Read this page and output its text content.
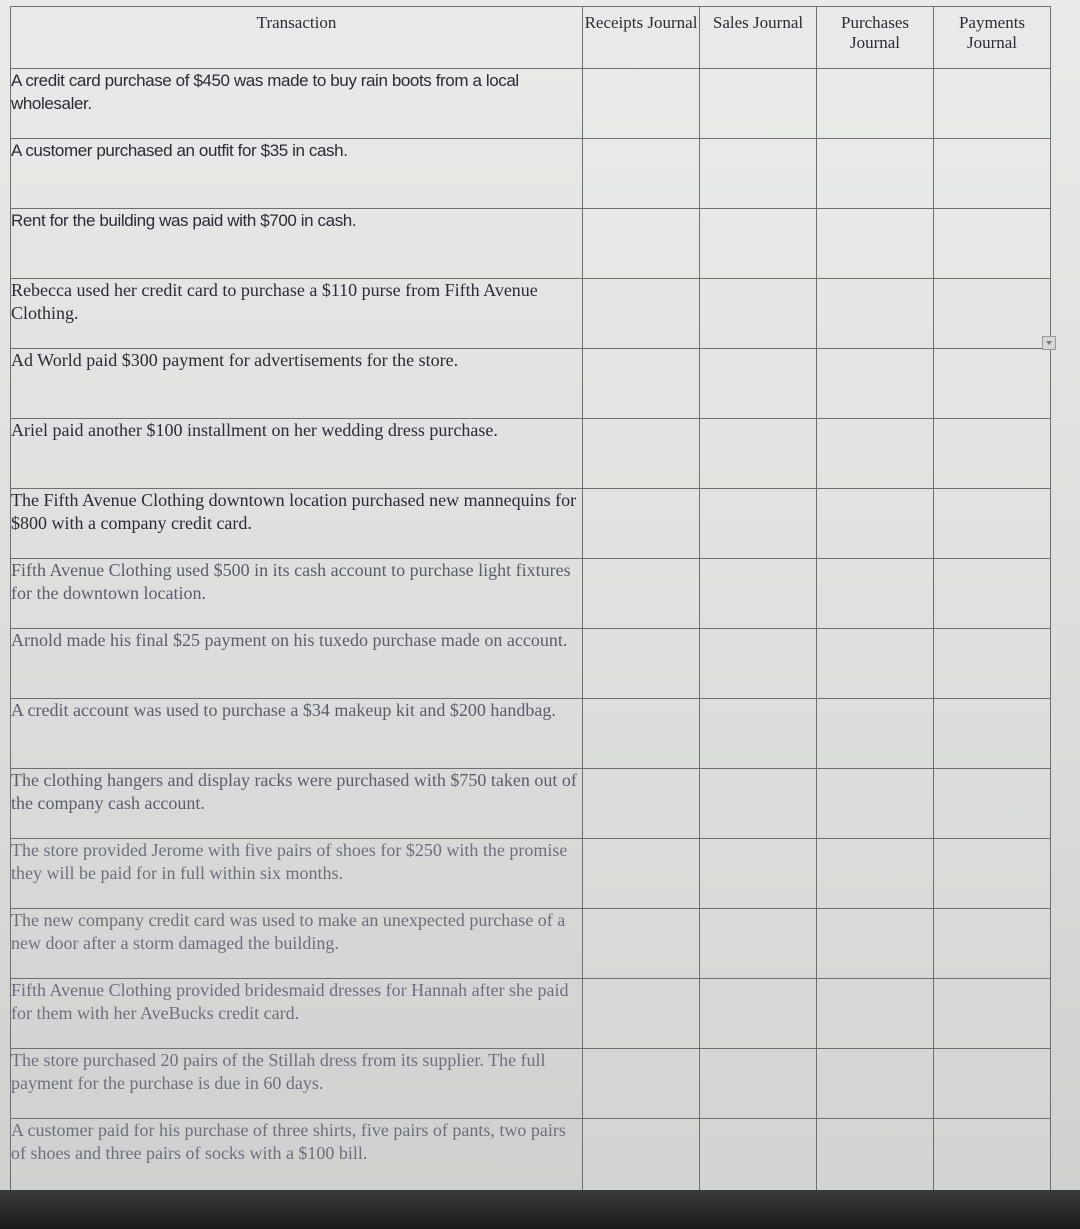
Transaction	Receipts Journal	Sales Journal	Purchases Journal	Payments Journal
A credit card purchase of $450 was made to buy rain boots from a local wholesaler.				
A customer purchased an outfit for $35 in cash.				
Rent for the building was paid with $700 in cash.				
Rebecca used her credit card to purchase a $110 purse from Fifth Avenue Clothing.				
Ad World paid $300 payment for advertisements for the store.				
Ariel paid another $100 installment on her wedding dress purchase.				
The Fifth Avenue Clothing downtown location purchased new mannequins for $800 with a company credit card.				
Fifth Avenue Clothing used $500 in its cash account to purchase light fixtures for the downtown location.				
Arnold made his final $25 payment on his tuxedo purchase made on account.				
A credit account was used to purchase a $34 makeup kit and $200 handbag.				
The clothing hangers and display racks were purchased with $750 taken out of the company cash account.				
The store provided Jerome with five pairs of shoes for $250 with the promise they will be paid for in full within six months.				
The new company credit card was used to make an unexpected purchase of a new door after a storm damaged the building.				
Fifth Avenue Clothing provided bridesmaid dresses for Hannah after she paid for them with her AveBucks credit card.				
The store purchased 20 pairs of the Stillah dress from its supplier. The full payment for the purchase is due in 60 days.				
A customer paid for his purchase of three shirts, five pairs of pants, two pairs of shoes and three pairs of socks with a $100 bill.				
